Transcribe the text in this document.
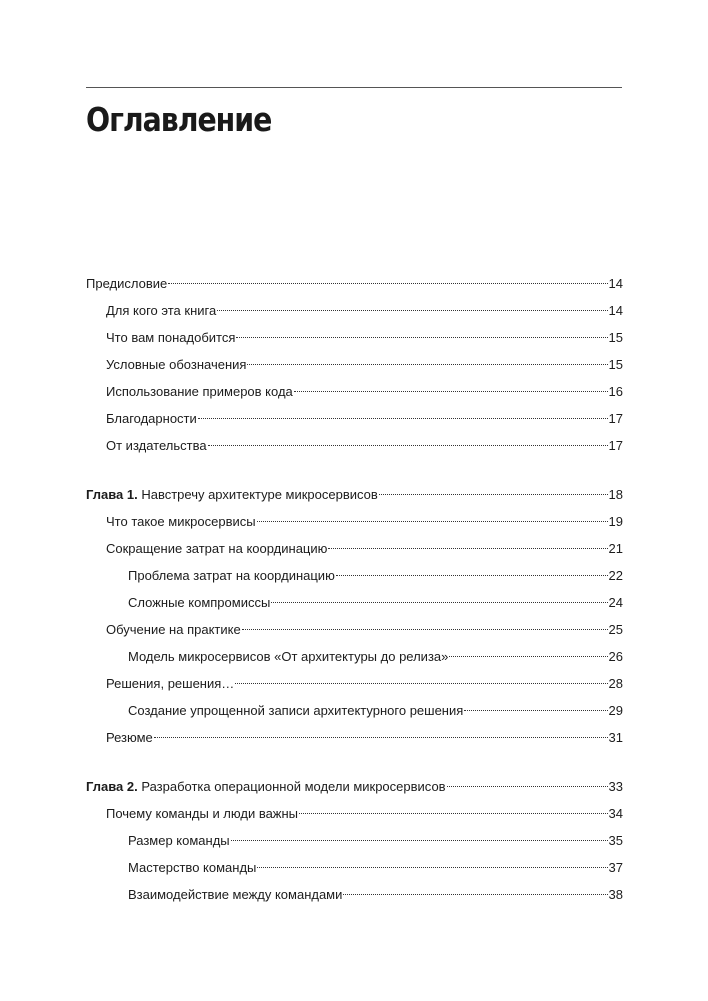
Оглавление
Предисловие	14
Для кого эта книга	14
Что вам понадобится	15
Условные обозначения	15
Использование примеров кода	16
Благодарности	17
От издательства	17
Глава 1. Навстречу архитектуре микросервисов	18
Что такое микросервисы	19
Сокращение затрат на координацию	21
Проблема затрат на координацию	22
Сложные компромиссы	24
Обучение на практике	25
Модель микросервисов «От архитектуры до релиза»	26
Решения, решения…	28
Создание упрощенной записи архитектурного решения	29
Резюме	31
Глава 2. Разработка операционной модели микросервисов	33
Почему команды и люди важны	34
Размер команды	35
Мастерство команды	37
Взаимодействие между командами	38
